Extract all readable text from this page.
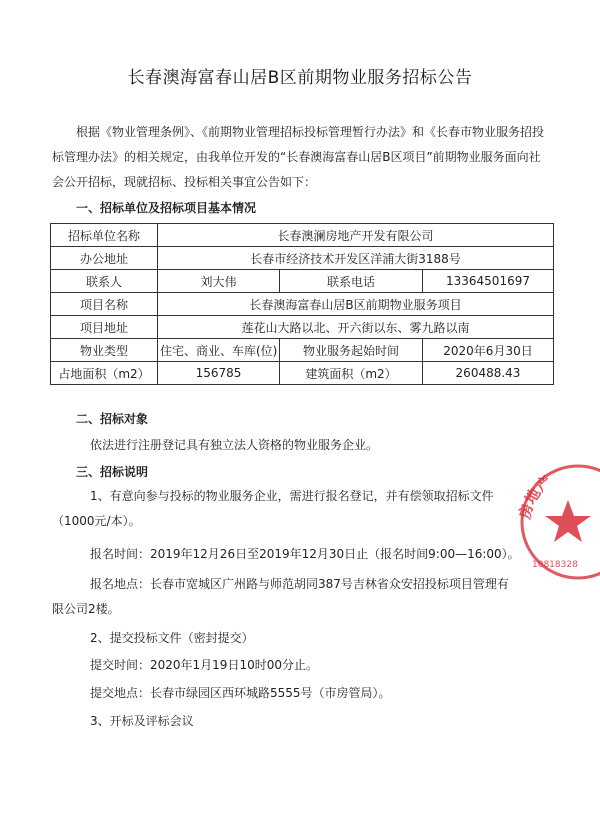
长春澳海富春山居B区前期物业服务招标公告
根据《物业管理条例》、《前期物业管理招标投标管理暂行办法》和《长春市物业服务招投标管理办法》的相关规定，由我单位开发的“长春澳海富春山居B区项目”前期物业服务面向社会公开招标，现就招标、投标相关事宜公告如下：
一、招标单位及招标项目基本情况
招标单位名称	长春澳澜房地产开发有限公司		
办公地址	长春市经济技术开发区洋浦大街3188号		
联系人	刘大伟	联系电话	13364501697
项目名称	长春澳海富春山居B区前期物业服务项目		
项目地址	莲花山大路以北、开六街以东、雾九路以南		
物业类型	住宅、商业、车库(位)	物业服务起始时间	2020年6月30日
占地面积（m2）	156785	建筑面积（m2）	260488.43
二、招标对象
依法进行注册登记具有独立法人资格的物业服务企业。
三、招标说明
1、有意向参与投标的物业服务企业，需进行报名登记，并有偿领取招标文件（1000元/本）。
报名时间：2019年12月26日至2019年12月30日止（报名时间9:00—16:00）。
报名地点：长春市宽城区广州路与师范胡同387号吉林省众安招投标项目管理有限公司2楼。
2、提交投标文件（密封提交）
提交时间：2020年1月19日10时00分止。
提交地点：长春市绿园区西环城路5555号（市房管局）。
3、开标及评标会议
房地产
10818328
